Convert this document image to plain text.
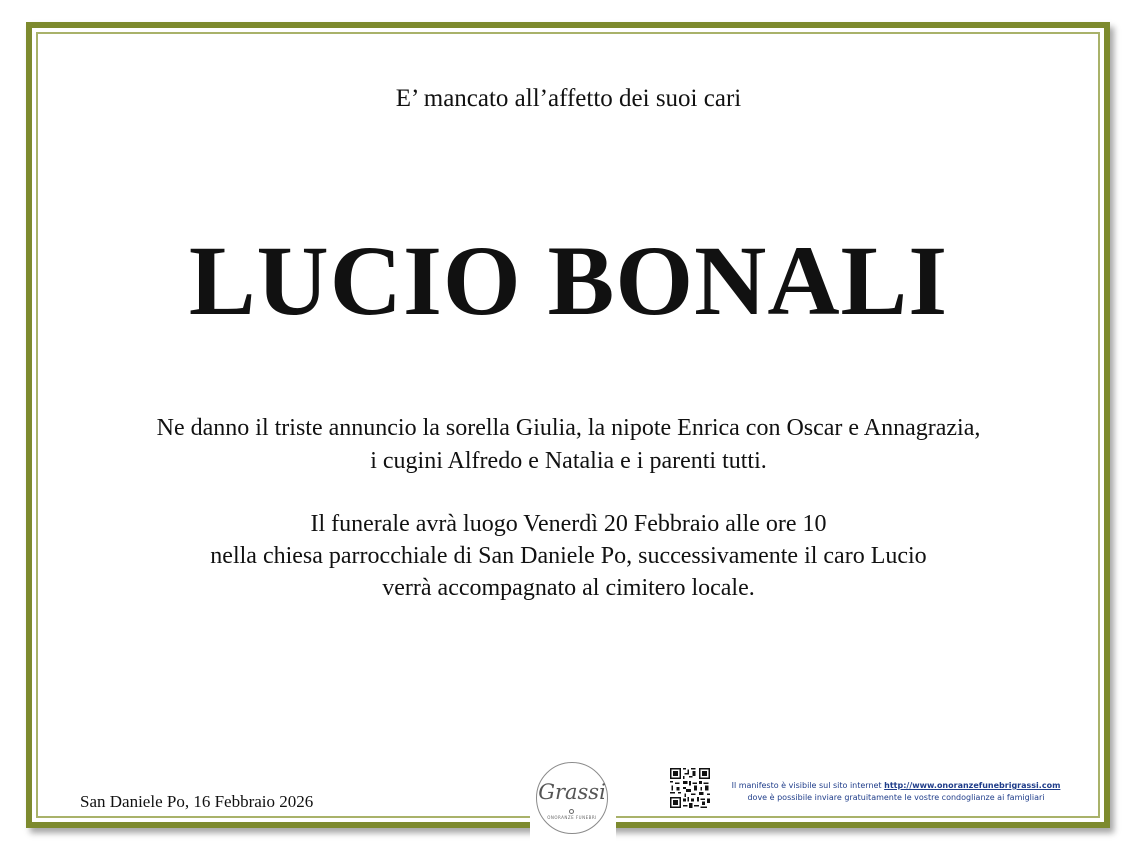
E’ mancato all’affetto dei suoi cari
LUCIO BONALI
Ne danno il triste annuncio la sorella Giulia, la nipote Enrica con Oscar e Annagrazia,
i cugini Alfredo e Natalia e i parenti tutti.
Il funerale avrà luogo Venerdì 20 Febbraio alle ore 10
nella chiesa parrocchiale di San Daniele Po, successivamente il caro Lucio
verrà accompagnato al cimitero locale.
San Daniele Po, 16 Febbraio 2026	Grassi
ONORANZE FUNEBRI
Il manifesto è visibile sul sito internet http://www.onoranzefunebrigrassi.com
dove è possibile inviare gratuitamente le vostre condoglianze ai famigliari
